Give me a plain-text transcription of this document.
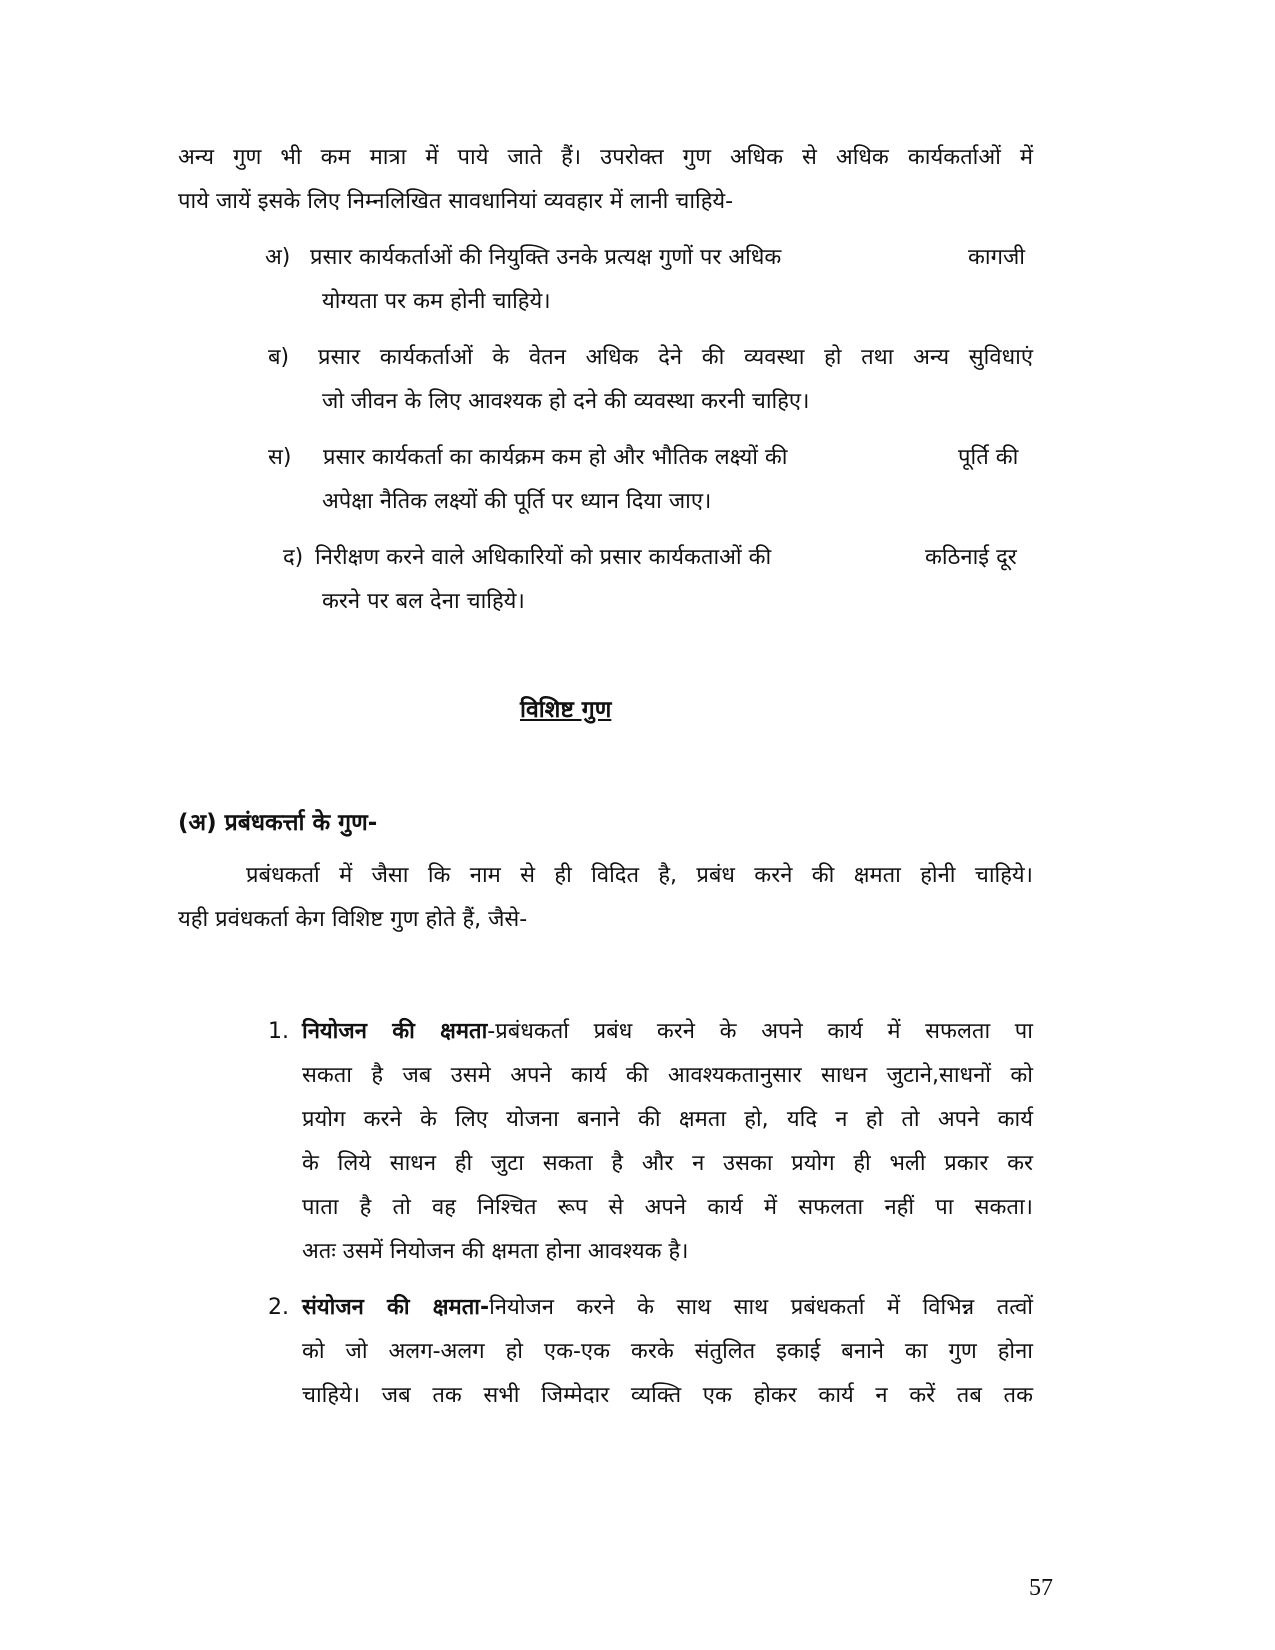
अन्य गुण भी कम मात्रा में पाये जाते हैं। उपरोक्त गुण अधिक से अधिक कार्यकर्ताओं में
पाये जायें इसके लिए निम्नलिखित सावधानियां व्यवहार में लानी चाहिये-
अ) प्रसार कार्यकर्ताओं की नियुक्ति उनके प्रत्यक्ष गुणों पर अधिक	कागजी
योग्यता पर कम होनी चाहिये।
ब) प्रसार कार्यकर्ताओं के वेतन अधिक देने की व्यवस्था हो तथा अन्य सुविधाएं
जो जीवन के लिए आवश्यक हो दने की व्यवस्था करनी चाहिए।
स) प्रसार कार्यकर्ता का कार्यक्रम कम हो और भौतिक लक्ष्यों की	पूर्ति की
अपेक्षा नैतिक लक्ष्यों की पूर्ति पर ध्यान दिया जाए।
द) निरीक्षण करने वाले अधिकारियों को प्रसार कार्यकताओं की	कठिनाई दूर
करने पर बल देना चाहिये।
विशिष्ट गुण
(अ) प्रबंधकर्त्ता के गुण-
प्रबंधकर्ता में जैसा कि नाम से ही विदित है, प्रबंध करने की क्षमता होनी चाहिये।
यही प्रवंधकर्ता केग विशिष्ट गुण होते हैं, जैसे-
1. नियोजन की क्षमता-प्रबंधकर्ता प्रबंध करने के अपने कार्य में सफलता पा
सकता है जब उसमे अपने कार्य की आवश्यकतानुसार साधन जुटाने,साधनों को
प्रयोग करने के लिए योजना बनाने की क्षमता हो, यदि न हो तो अपने कार्य
के लिये साधन ही जुटा सकता है और न उसका प्रयोग ही भली प्रकार कर
पाता है तो वह निश्चित रूप से अपने कार्य में सफलता नहीं पा सकता।
अतः उसमें नियोजन की क्षमता होना आवश्यक है।
2. संयोजन की क्षमता-नियोजन करने के साथ साथ प्रबंधकर्ता में विभिन्न तत्वों
को जो अलग-अलग हो एक-एक करके संतुलित इकाई बनाने का गुण होना
चाहिये। जब तक सभी जिम्मेदार व्यक्ति एक होकर कार्य न करें तब तक
57
